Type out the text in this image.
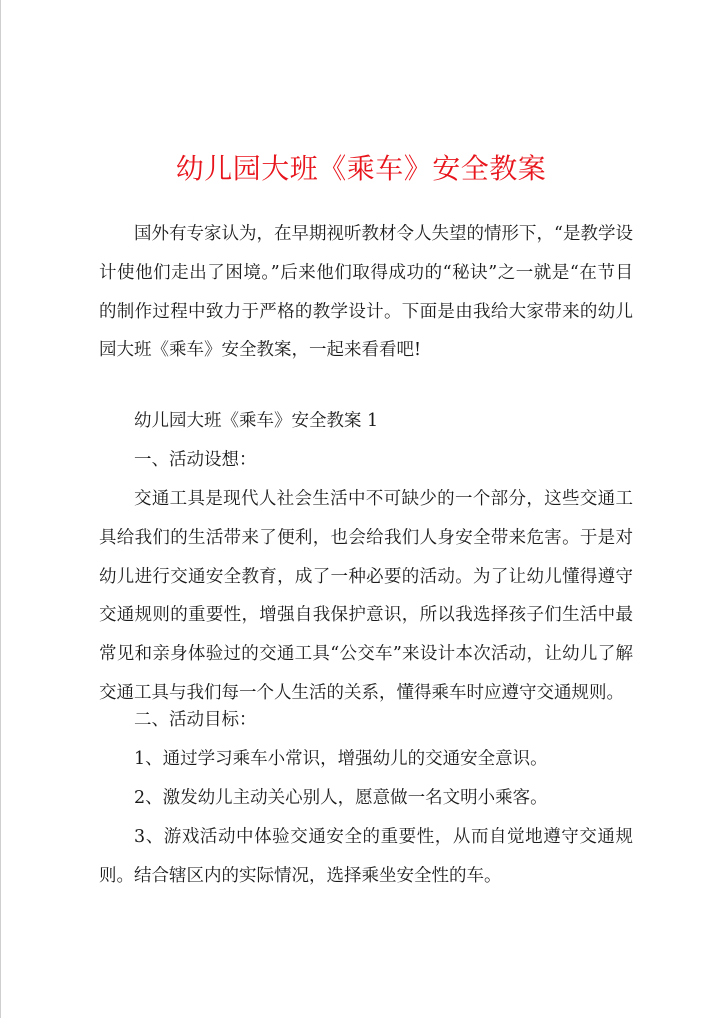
幼儿园大班《乘车》安全教案

国外有专家认为，在早期视听教材令人失望的情形下，“是教学设计使他们走出了困境。”后来他们取得成功的“秘诀”之一就是“在节目的制作过程中致力于严格的教学设计。下面是由我给大家带来的幼儿园大班《乘车》安全教案，一起来看看吧!

幼儿园大班《乘车》安全教案 1

一、活动设想：

交通工具是现代人社会生活中不可缺少的一个部分，这些交通工具给我们的生活带来了便利，也会给我们人身安全带来危害。于是对幼儿进行交通安全教育，成了一种必要的活动。为了让幼儿懂得遵守交通规则的重要性，增强自我保护意识，所以我选择孩子们生活中最常见和亲身体验过的交通工具“公交车”来设计本次活动，让幼儿了解交通工具与我们每一个人生活的关系，懂得乘车时应遵守交通规则。

二、活动目标：

1、通过学习乘车小常识，增强幼儿的交通安全意识。

2、激发幼儿主动关心别人，愿意做一名文明小乘客。

3、游戏活动中体验交通安全的重要性，从而自觉地遵守交通规则。结合辖区内的实际情况，选择乘坐安全性的车。
